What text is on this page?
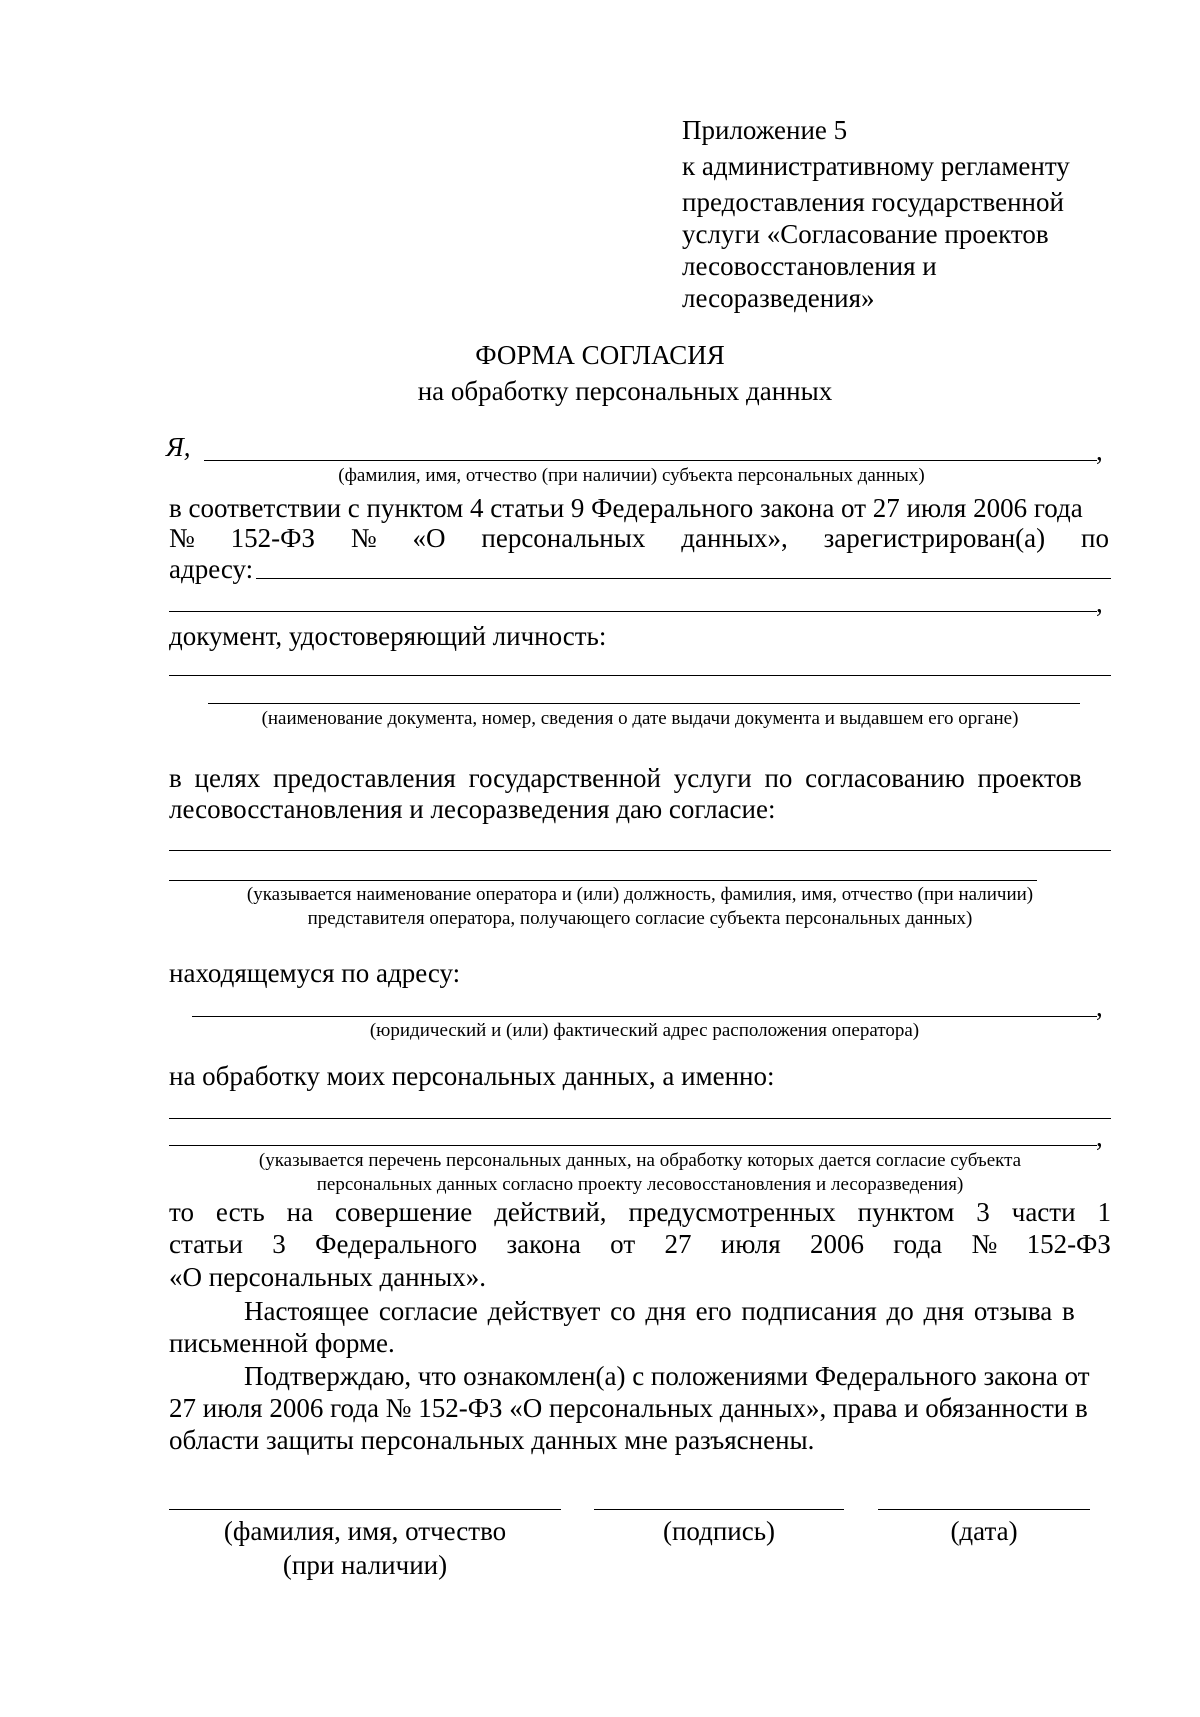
Приложение 5
к административному регламенту
предоставления государственной
услуги «Согласование проектов
лесовосстановления и
лесоразведения»
ФОРМА СОГЛАСИЯ
на обработку персональных данных
Я,	,
(фамилия, имя, отчество (при наличии) субъекта персональных данных)
в соответствии с пунктом 4 статьи 9 Федерального закона от 27 июля 2006 года
№ 152-ФЗ № «О персональных данных», зарегистрирован(а) по
адресу:
,
документ, удостоверяющий личность:
(наименование документа, номер, сведения о дате выдачи документа и выдавшем его органе)
в целях предоставления государственной услуги по согласованию проектов
лесовосстановления и лесоразведения даю согласие:
(указывается наименование оператора и (или) должность, фамилия, имя, отчество (при наличии)
представителя оператора, получающего согласие субъекта персональных данных)
находящемуся по адресу:
,
(юридический и (или) фактический адрес расположения оператора)
на обработку моих персональных данных, а именно:
,
(указывается перечень персональных данных, на обработку которых дается согласие субъекта
персональных данных согласно проекту лесовосстановления и лесоразведения)
то есть на совершение действий, предусмотренных пунктом 3 части 1
статьи 3 Федерального закона от 27 июля 2006 года № 152-ФЗ
«О персональных данных».
Настоящее согласие действует со дня его подписания до дня отзыва в
письменной форме.
Подтверждаю, что ознакомлен(а) с положениями Федерального закона от
27 июля 2006 года № 152-ФЗ «О персональных данных», права и обязанности в
области защиты персональных данных мне разъяснены.
(фамилия, имя, отчество
(при наличии)
(подпись)	(дата)
